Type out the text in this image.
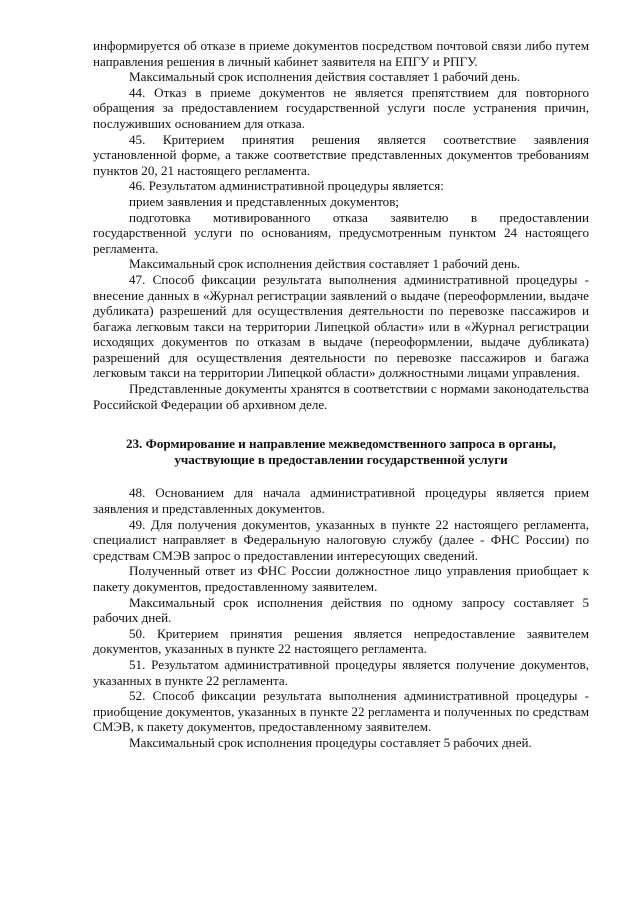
информируется об отказе в приеме документов посредством почтовой связи либо путем направления решения в личный кабинет заявителя на ЕПГУ и РПГУ.

Максимальный срок исполнения действия составляет 1 рабочий день.

44. Отказ в приеме документов не является препятствием для повторного обращения за предоставлением государственной услуги после устранения причин, послуживших основанием для отказа.

45. Критерием принятия решения является соответствие заявления установленной форме, а также соответствие представленных документов требованиям пунктов 20, 21 настоящего регламента.

46. Результатом административной процедуры является:

прием заявления и представленных документов;

подготовка мотивированного отказа заявителю в предоставлении государственной услуги по основаниям, предусмотренным пунктом 24 настоящего регламента.

Максимальный срок исполнения действия составляет 1 рабочий день.

47. Способ фиксации результата выполнения административной процедуры - внесение данных в «Журнал регистрации заявлений о выдаче (переоформлении, выдаче дубликата) разрешений для осуществления деятельности по перевозке пассажиров и багажа легковым такси на территории Липецкой области» или в «Журнал регистрации исходящих документов по отказам в выдаче (переоформлении, выдаче дубликата) разрешений для осуществления деятельности по перевозке пассажиров и багажа легковым такси на территории Липецкой области» должностными лицами управления.

Представленные документы хранятся в соответствии с нормами законодательства Российской Федерации об архивном деле.

23. Формирование и направление межведомственного запроса в органы, участвующие в предоставлении государственной услуги

48. Основанием для начала административной процедуры является прием заявления и представленных документов.

49. Для получения документов, указанных в пункте 22 настоящего регламента, специалист направляет в Федеральную налоговую службу (далее - ФНС России) по средствам СМЭВ запрос о предоставлении интересующих сведений.

Полученный ответ из ФНС России должностное лицо управления приобщает к пакету документов, предоставленному заявителем.

Максимальный срок исполнения действия по одному запросу составляет 5 рабочих дней.

50. Критерием принятия решения является непредоставление заявителем документов, указанных в пункте 22 настоящего регламента.

51. Результатом административной процедуры является получение документов, указанных в пункте 22 регламента.

52. Способ фиксации результата выполнения административной процедуры - приобщение документов, указанных в пункте 22 регламента и полученных по средствам СМЭВ, к пакету документов, предоставленному заявителем.

Максимальный срок исполнения процедуры составляет 5 рабочих дней.
